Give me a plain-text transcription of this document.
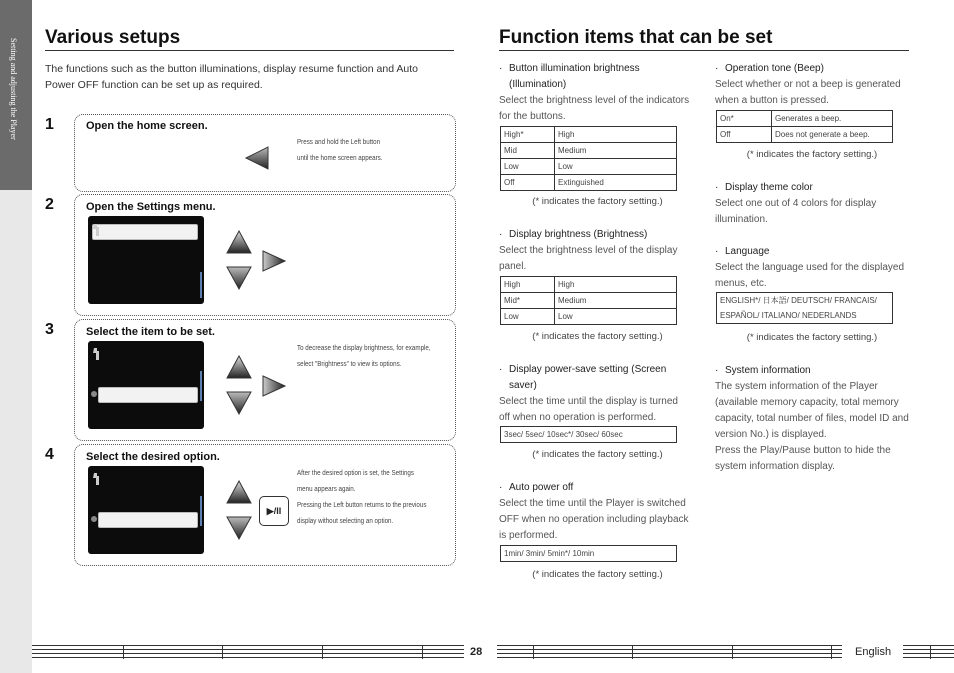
Setting and adjusting the Player
Various setups
The functions such as the button illuminations, display resume function and Auto
Power OFF function can be set up as required.
1	Open the home screen.
Press and hold the Left button
until the home screen appears.
2	Open the Settings menu.
3	Select the item to be set.
To decrease the display brightness, for example,
select "Brightness" to view its options.
4	Select the desired option.
▶/II
After the desired option is set, the Settings
menu appears again.
Pressing the Left button returns to the previous
display without selecting an option.
Function items that can be set
· Button illumination brightness
(Illumination)
Select the brightness level of the indicators
for the buttons.
High*	High
Mid	Medium
Low	Low
Off	Extinguished
(* indicates the factory setting.)
· Display brightness (Brightness)
Select the brightness level of the display
panel.
High	High
Mid*	Medium
Low	Low
(* indicates the factory setting.)
· Display power-save setting (Screen
saver)
Select the time until the display is turned
off when no operation is performed.
3sec/ 5sec/ 10sec*/ 30sec/ 60sec
(* indicates the factory setting.)
· Auto power off
Select the time until the Player is switched
OFF when no operation including playback
is performed.
1min/ 3min/ 5min*/ 10min
(* indicates the factory setting.)
· Operation tone (Beep)
Select whether or not a beep is generated
when a button is pressed.
On*	Generates a beep.
Off	Does not generate a beep.
(* indicates the factory setting.)
· Display theme color
Select one out of 4 colors for display
illumination.
· Language
Select the language used for the displayed
menus, etc.
ENGLISH*/ 日本語/ DEUTSCH/ FRANCAIS/
ESPAÑOL/ ITALIANO/ NEDERLANDS
(* indicates the factory setting.)
· System information
The system information of the Player
(available memory capacity, total memory
capacity, total number of files, model ID and
version No.) is displayed.
Press the Play/Pause button to hide the
system information display.
28	English
